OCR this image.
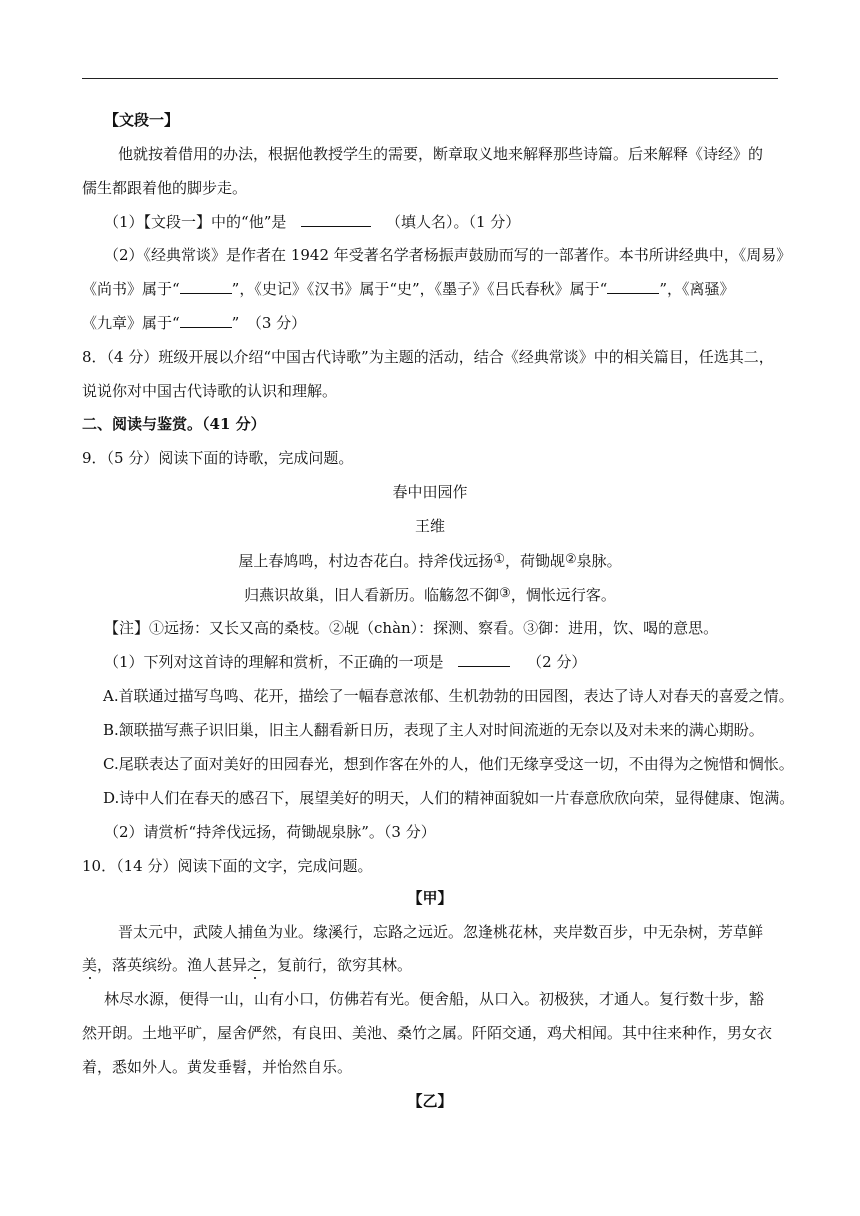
【文段一】
他就按着借用的办法，根据他教授学生的需要，断章取义地来解释那些诗篇。后来解释《诗经》的
儒生都跟着他的脚步走。
（1）【文段一】中的“他”是	（填人名）。（1 分）
（2）《经典常谈》是作者在 1942 年受著名学者杨振声鼓励而写的一部著作。本书所讲经典中，《周易》
《尚书》属于“	”，《史记》《汉书》属于“史”，《墨子》《吕氏春秋》属于“	”，《离骚》
《九章》属于“	”　（3 分）
8．（4 分）班级开展以介绍“中国古代诗歌”为主题的活动，结合《经典常谈》中的相关篇目，任选其二，
说说你对中国古代诗歌的认识和理解。
二、阅读与鉴赏。（41 分）
9．（5 分）阅读下面的诗歌，完成问题。
春中田园作
王维
屋上春鸠鸣，村边杏花白。持斧伐远扬①，荷锄觇②泉脉。
归燕识故巢，旧人看新历。临觞忽不御③，惆怅远行客。
【注】①远扬：又长又高的桑枝。②觇（chàn）：探测、察看。③御：进用，饮、喝的意思。
（1）下列对这首诗的理解和赏析，不正确的一项是	（2 分）
A.首联通过描写鸟鸣、花开，描绘了一幅春意浓郁、生机勃勃的田园图，表达了诗人对春天的喜爱之情。
B.颔联描写燕子识旧巢，旧主人翻看新日历，表现了主人对时间流逝的无奈以及对未来的满心期盼。
C.尾联表达了面对美好的田园春光，想到作客在外的人，他们无缘享受这一切，不由得为之惋惜和惆怅。
D.诗中人们在春天的感召下，展望美好的明天，人们的精神面貌如一片春意欣欣向荣，显得健康、饱满。
（2）请赏析“持斧伐远扬，荷锄觇泉脉”。（3 分）
10．（14 分）阅读下面的文字，完成问题。
【甲】
晋太元中，武陵人捕鱼为业。缘溪行，忘路之远近。忽逢桃花林，夹岸数百步，中无杂树，芳草鲜
美，落英缤纷。渔人甚异之，复前行，欲穷其林。
林尽水源，便得一山，山有小口，仿佛若有光。便舍船，从口入。初极狭，才通人。复行数十步，豁
然开朗。土地平旷，屋舍俨然，有良田、美池、桑竹之属。阡陌交通，鸡犬相闻。其中往来种作，男女衣
着，悉如外人。黄发垂髫，并怡然自乐。
【乙】
